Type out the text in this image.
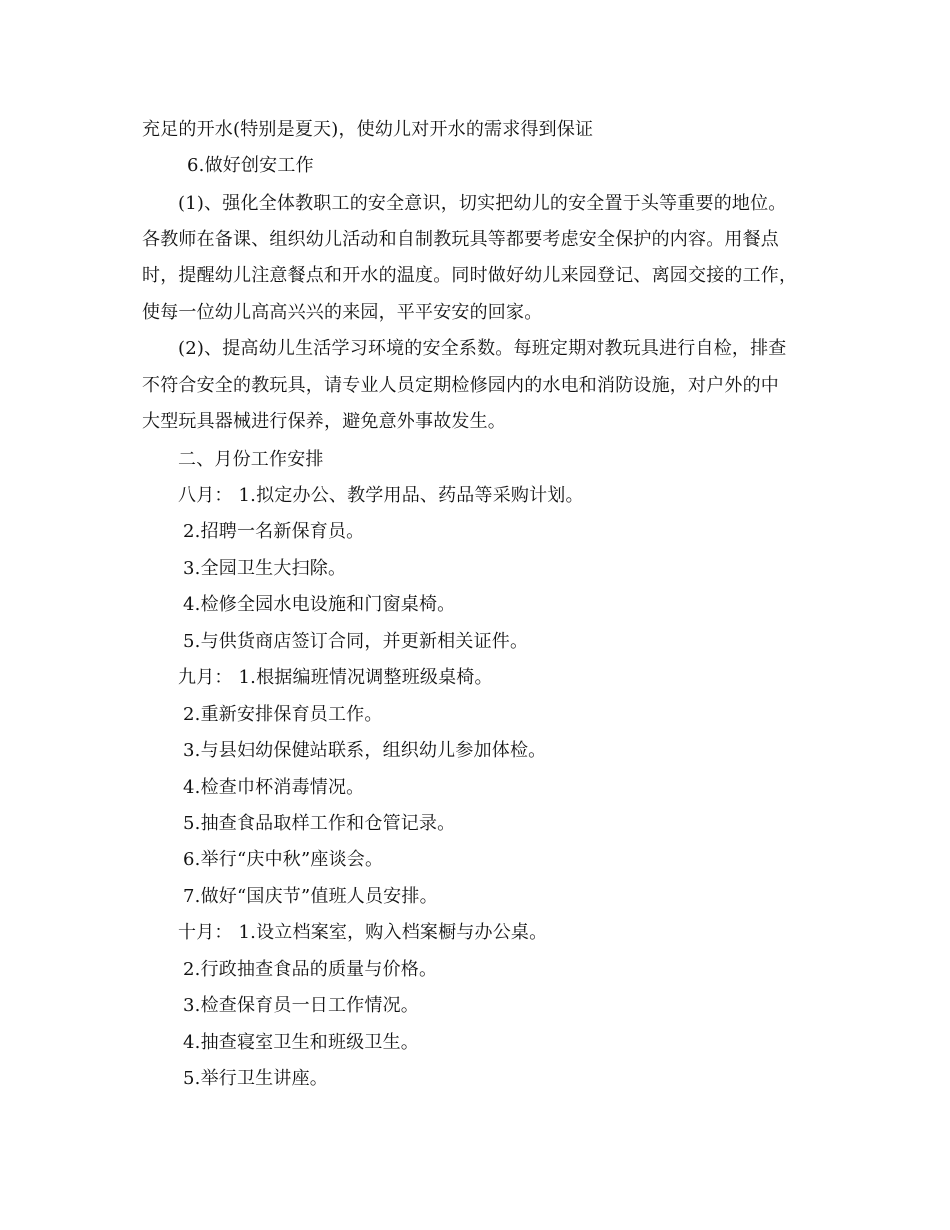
充足的开水(特别是夏天)，使幼儿对开水的需求得到保证
6.做好创安工作
(1)、强化全体教职工的安全意识，切实把幼儿的安全置于头等重要的地位。
各教师在备课、组织幼儿活动和自制教玩具等都要考虑安全保护的内容。用餐点
时，提醒幼儿注意餐点和开水的温度。同时做好幼儿来园登记、离园交接的工作，
使每一位幼儿高高兴兴的来园，平平安安的回家。
(2)、提高幼儿生活学习环境的安全系数。每班定期对教玩具进行自检，排查
不符合安全的教玩具，请专业人员定期检修园内的水电和消防设施，对户外的中
大型玩具器械进行保养，避免意外事故发生。
二、月份工作安排
八月： 1.拟定办公、教学用品、药品等采购计划。
2.招聘一名新保育员。
3.全园卫生大扫除。
4.检修全园水电设施和门窗桌椅。
5.与供货商店签订合同，并更新相关证件。
九月： 1.根据编班情况调整班级桌椅。
2.重新安排保育员工作。
3.与县妇幼保健站联系，组织幼儿参加体检。
4.检查巾杯消毒情况。
5.抽查食品取样工作和仓管记录。
6.举行“庆中秋”座谈会。
7.做好“国庆节”值班人员安排。
十月： 1.设立档案室，购入档案橱与办公桌。
2.行政抽查食品的质量与价格。
3.检查保育员一日工作情况。
4.抽查寝室卫生和班级卫生。
5.举行卫生讲座。
